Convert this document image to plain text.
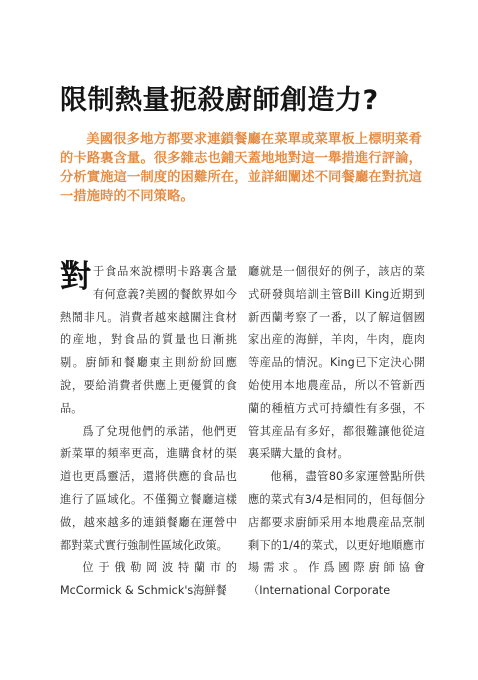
限制熱量扼殺廚師創造力?
美國很多地方都要求連鎖餐廳在菜單或菜單板上標明菜肴的卡路裏含量。很多雜志也鋪天蓋地地對這一舉措進行評論，分析實施這一制度的困難所在，並詳細闡述不同餐廳在對抗這一措施時的不同策略。

對于食品來說標明卡路裏含量有何意義?美國的餐飲界如今熱鬧非凡。消費者越來越關注食材的産地，對食品的質量也日漸挑剔。廚師和餐廳東主則紛紛回應說，要給消費者供應上更優質的食品。

爲了兌現他們的承諾，他們更新菜單的頻率更高，進購食材的渠道也更爲靈活，還將供應的食品也進行了區域化。不僅獨立餐廳這樣做，越來越多的連鎖餐廳在運營中都對菜式實行強制性區域化政策。

位于俄勒岡波特蘭市的McCormick & Schmick's海鮮餐

廳就是一個很好的例子，該店的菜式研發與培訓主管Bill King近期到新西蘭考察了一番，以了解這個國家出産的海鮮，羊肉，牛肉，鹿肉等産品的情況。King已下定決心開始使用本地農産品，所以不管新西蘭的種植方式可持續性有多强，不管其産品有多好，都很難讓他從這裏采購大量的食材。

他稱，盡管80多家運營點所供應的菜式有3/4是相同的，但每個分店都要求廚師采用本地農産品烹制剩下的1/4的菜式，以更好地順應市場需求。作爲國際廚師協會（International Corporate
